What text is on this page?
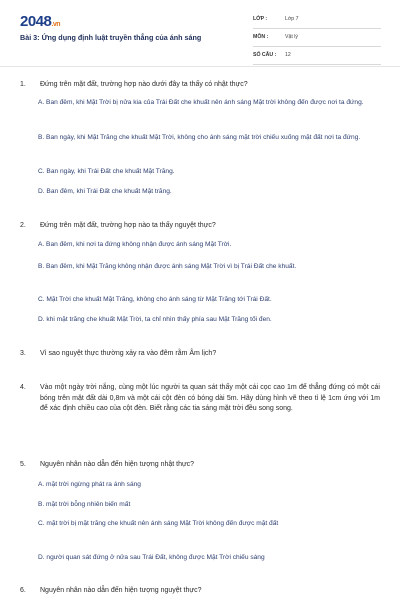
2048.vn
Bài 3: Ứng dụng định luật truyền thẳng của ánh sáng
LỚP :	Lớp 7
MÔN :	Vật lý
SỐ CÂU : 12
1. Đứng trên mặt đất, trường hợp nào dưới đây ta thấy có nhật thực?
A. Ban đêm, khi Mặt Trời bị nửa kia của Trái Đất che khuất nên ánh sáng Mặt trời không đến được nơi ta đứng.
B. Ban ngày, khi Mặt Trăng che khuất Mặt Trời, không cho ánh sáng mặt trời chiếu xuống mặt đất nơi ta đứng.
C. Ban ngày, khi Trái Đất che khuất Mặt Trăng.
D. Ban đêm, khi Trái Đất che khuất Mặt trăng.
2. Đứng trên mặt đất, trường hợp nào ta thấy nguyệt thực?
A. Ban đêm, khi nơi ta đứng không nhận được ánh sáng Mặt Trời.
B. Ban đêm, khi Mặt Trăng không nhận được ánh sáng Mặt Trời vì bị Trái Đất che khuất.
C. Mặt Trời che khuất Mặt Trăng, không cho ánh sáng từ Mặt Trăng tới Trái Đất.
D. khi mặt trăng che khuất Mặt Trời, ta chỉ nhìn thấy phía sau Mặt Trăng tối đen.
3. Vì sao nguyệt thực thường xảy ra vào đêm rằm Âm lịch?
4. Vào một ngày trời nắng, cùng một lúc người ta quan sát thấy một cái cọc cao 1m để thẳng đứng có một cái bóng trên mặt đất dài 0,8m và một cái cột đèn có bóng dài 5m. Hãy dùng hình vẽ theo tỉ lệ 1cm ứng với 1m để xác định chiều cao của cột đèn. Biết rằng các tia sáng mặt trời đều song song.
5. Nguyên nhân nào dẫn đến hiện tượng nhật thực?
A. mặt trời ngừng phát ra ánh sáng
B. mặt trời bỗng nhiên biến mất
C. mặt trời bị mặt trăng che khuất nên ánh sáng Mặt Trời không đến được mặt đất
D. người quan sát đứng ở nửa sau Trái Đất, không được Mặt Trời chiếu sáng
6. Nguyên nhân nào dẫn đến hiện tượng nguyệt thực?
